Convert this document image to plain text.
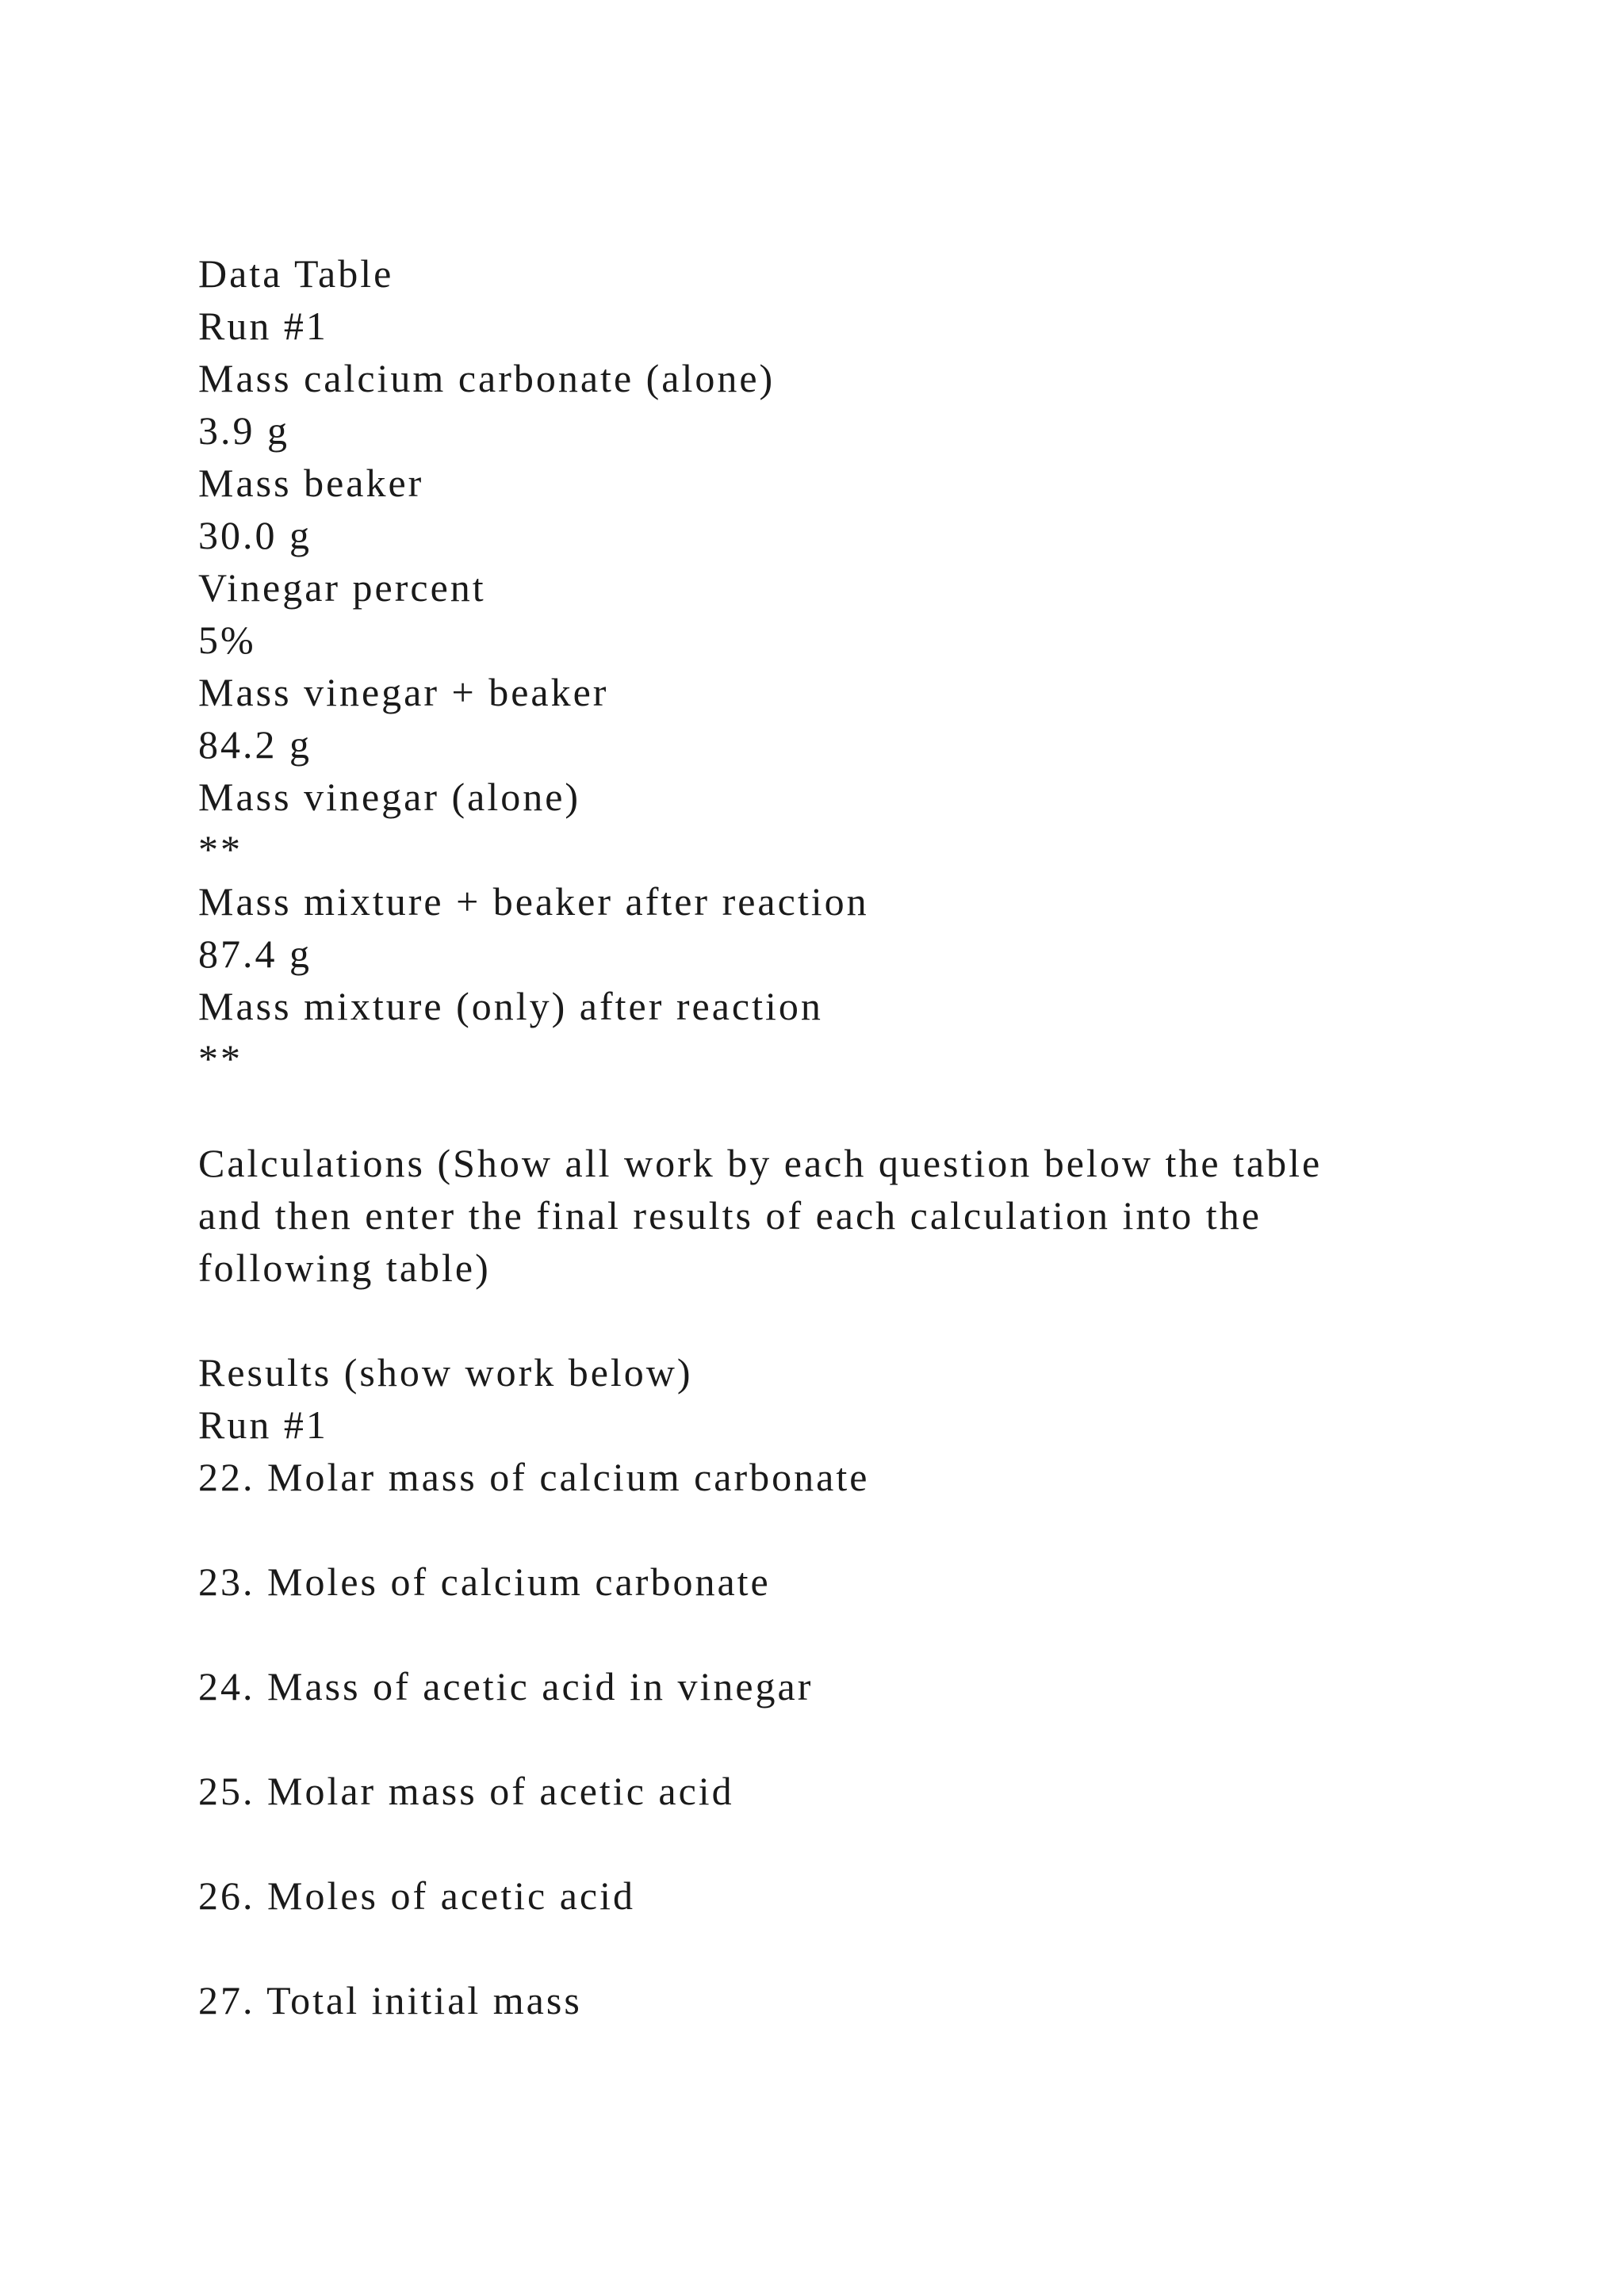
Data Table
Run #1
Mass calcium carbonate (alone)
3.9 g
Mass beaker
30.0 g
Vinegar percent
5%
Mass vinegar + beaker
84.2 g
Mass vinegar (alone)
**
Mass mixture + beaker after reaction
87.4 g
Mass mixture (only) after reaction
**
Calculations (Show all work by each question below the table
and then enter the final results of each calculation into the
following table)
Results (show work below)
Run #1
22. Molar mass of calcium carbonate
23. Moles of calcium carbonate
24. Mass of acetic acid in vinegar
25. Molar mass of acetic acid
26. Moles of acetic acid
27. Total initial mass
